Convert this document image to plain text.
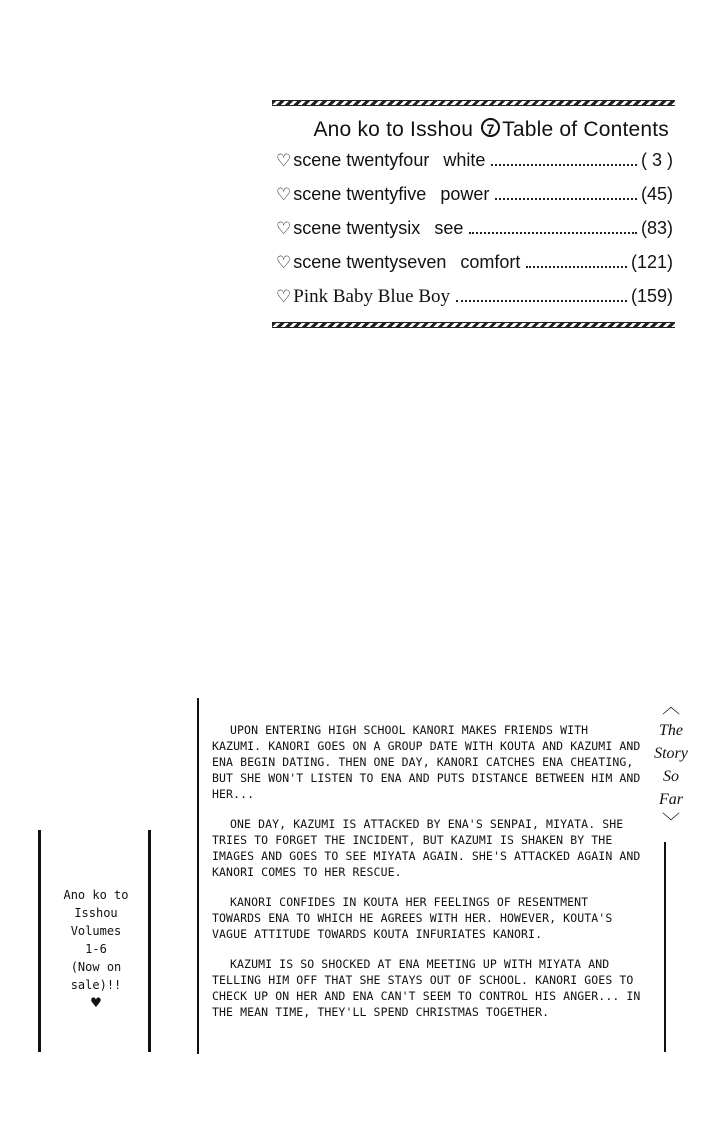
Ano ko to Isshou 7 Table of Contents
♡ scene twentyfour white	( 3 )
♡ scene twentyfive power	(45)
♡ scene twentysix see	(83)
♡ scene twentyseven comfort	(121)
♡ Pink Baby Blue Boy	(159)

UPON ENTERING HIGH SCHOOL KANORI MAKES FRIENDS WITH KAZUMI. KANORI GOES ON A GROUP DATE WITH KOUTA AND KAZUMI AND ENA BEGIN DATING. THEN ONE DAY, KANORI CATCHES ENA CHEATING, BUT SHE WON'T LISTEN TO ENA AND PUTS DISTANCE BETWEEN HIM AND HER...

ONE DAY, KAZUMI IS ATTACKED BY ENA'S SENPAI, MIYATA. SHE TRIES TO FORGET THE INCIDENT, BUT KAZUMI IS SHAKEN BY THE IMAGES AND GOES TO SEE MIYATA AGAIN. SHE'S ATTACKED AGAIN AND KANORI COMES TO HER RESCUE.

KANORI CONFIDES IN KOUTA HER FEELINGS OF RESENTMENT TOWARDS ENA TO WHICH HE AGREES WITH HER. HOWEVER, KOUTA'S VAGUE ATTITUDE TOWARDS KOUTA INFURIATES KANORI.

KAZUMI IS SO SHOCKED AT ENA MEETING UP WITH MIYATA AND TELLING HIM OFF THAT SHE STAYS OUT OF SCHOOL. KANORI GOES TO CHECK UP ON HER AND ENA CAN'T SEEM TO CONTROL HIS ANGER... IN THE MEAN TIME, THEY'LL SPEND CHRISTMAS TOGETHER.

︿
The
Story
So
Far
﹀
Ano ko to
Isshou
Volumes
1-6
(Now on
sale)!!
♥
